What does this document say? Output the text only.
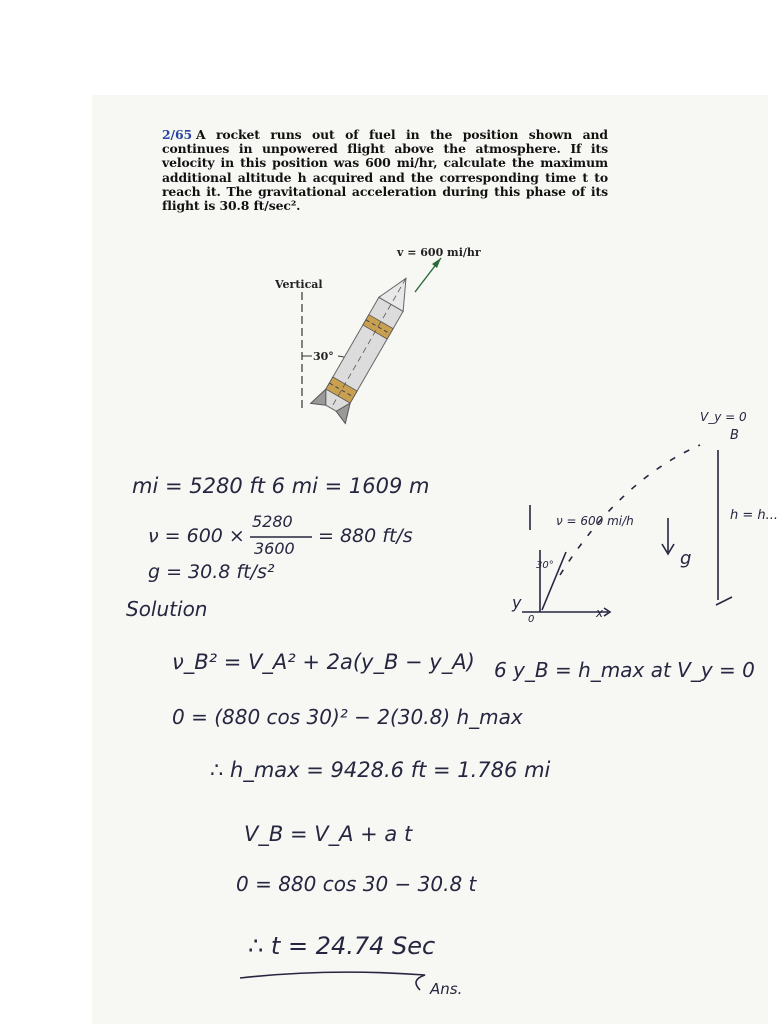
2/65 A rocket runs out of fuel in the position shown and continues in unpowered flight above the atmosphere. If its velocity in this position was 600 mi/hr, calculate the maximum additional altitude h acquired and the corresponding time t to reach it. The gravitational acceleration during this phase of its flight is 30.8 ft/sec².
v = 600 mi/hr
Vertical
30°
mi = 5280 ft 6 mi = 1609 m
ν = 600 ×
5280
3600
= 880 ft/s
g = 30.8 ft/s²
Solution
ν_B² = V_A² + 2a(y_B − y_A) 6 y_B = h_max at V_y = 0
0 = (880 cos 30)² − 2(30.8) h_max
∴ h_max = 9428.6 ft = 1.786 mi
V_B = V_A + a t
0 = 880 cos 30 − 30.8 t
∴ t = 24.74 Sec
Ans.
ν = 600 mi/h
30°
y
x
0
g
V_y = 0
B
h = h...
